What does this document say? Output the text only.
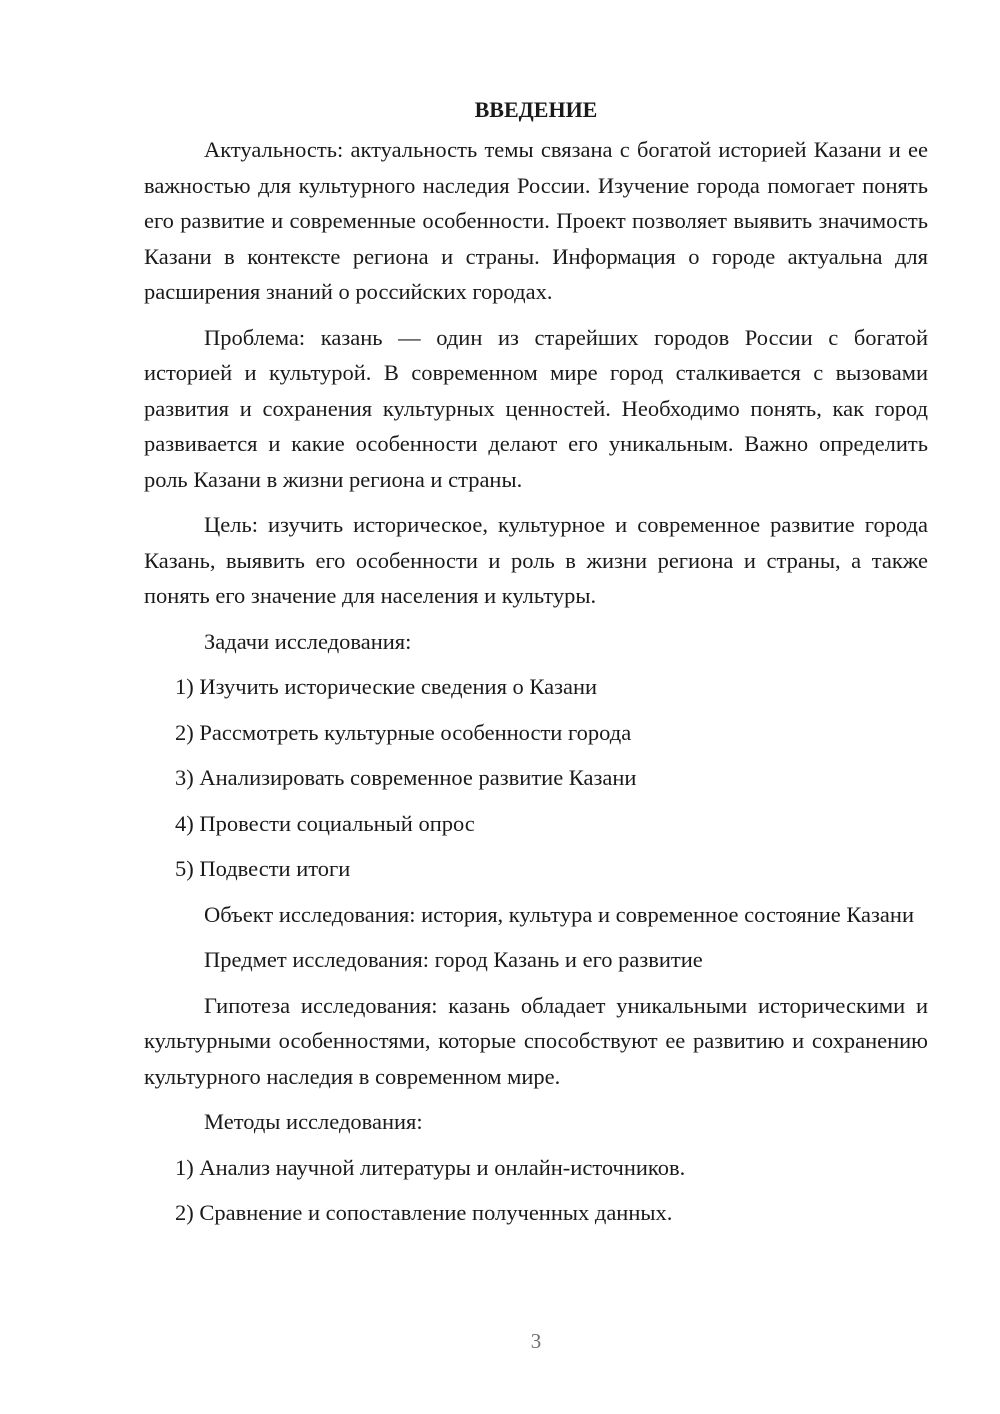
ВВЕДЕНИЕ

Актуальность: актуальность темы связана с богатой историей Казани и ее важностью для культурного наследия России. Изучение города помогает понять его развитие и современные особенности. Проект позволяет выявить значимость Казани в контексте региона и страны. Информация о городе актуальна для расширения знаний о российских городах.

Проблема: казань — один из старейших городов России с богатой историей и культурой. В современном мире город сталкивается с вызовами развития и сохранения культурных ценностей. Необходимо понять, как город развивается и какие особенности делают его уникальным. Важно определить роль Казани в жизни региона и страны.

Цель: изучить историческое, культурное и современное развитие города Казань, выявить его особенности и роль в жизни региона и страны, а также понять его значение для населения и культуры.

Задачи исследования:

1) Изучить исторические сведения о Казани

2) Рассмотреть культурные особенности города

3) Анализировать современное развитие Казани

4) Провести социальный опрос

5) Подвести итоги

Объект исследования: история, культура и современное состояние Казани

Предмет исследования: город Казань и его развитие

Гипотеза исследования: казань обладает уникальными историческими и культурными особенностями, которые способствуют ее развитию и сохранению культурного наследия в современном мире.

Методы исследования:

1) Анализ научной литературы и онлайн-источников.

2) Сравнение и сопоставление полученных данных.

3
